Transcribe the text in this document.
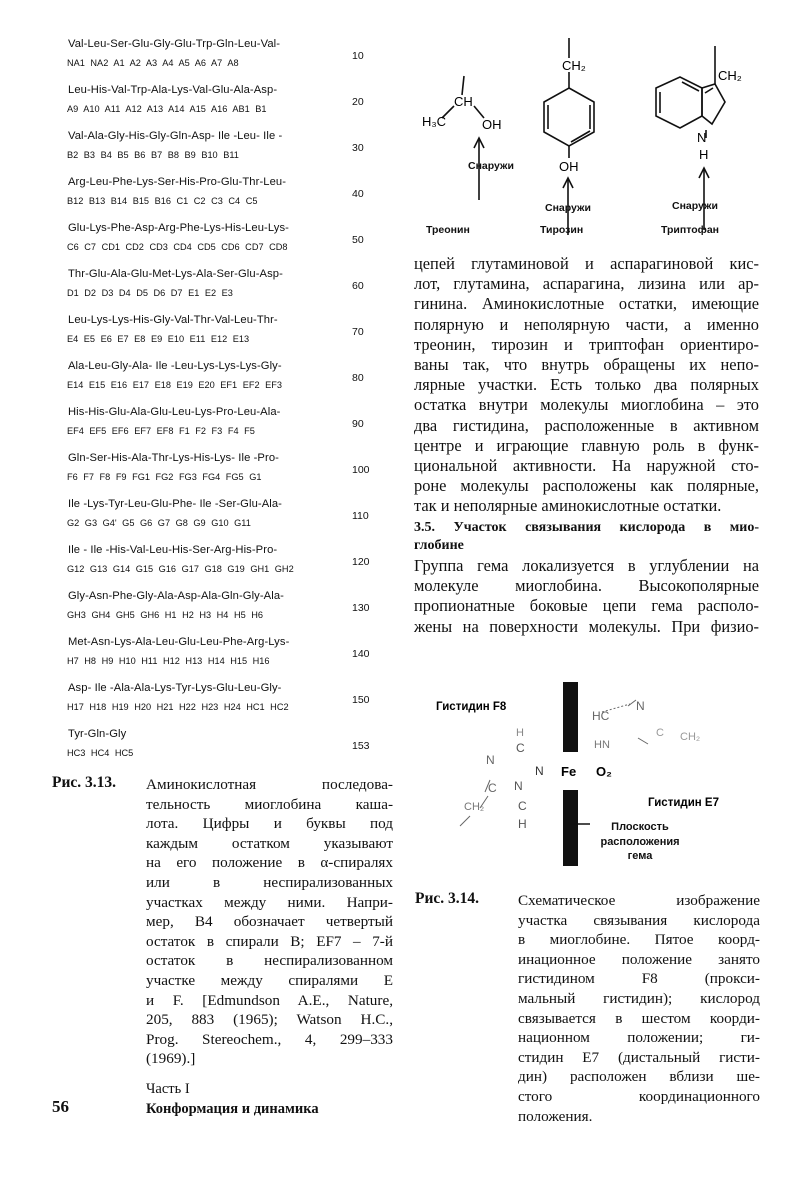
Val-Leu-Ser-Glu-Gly-Glu-Trp-Gln-Leu-Val-
NA1 NA2 A1 A2 A3 A4 A5 A6 A7 A8
10
Leu-His-Val-Trp-Ala-Lys-Val-Glu-Ala-Asp-
A9 A10 A11 A12 A13 A14 A15 A16 AB1 B1
20
Val-Ala-Gly-His-Gly-Gln-Asp- Ile -Leu- Ile -
B2 B3 B4 B5 B6 B7 B8 B9 B10 B11
30
Arg-Leu-Phe-Lys-Ser-His-Pro-Glu-Thr-Leu-
B12 B13 B14 B15 B16 C1 C2 C3 C4 C5
40
Glu-Lys-Phe-Asp-Arg-Phe-Lys-His-Leu-Lys-
C6 C7 CD1 CD2 CD3 CD4 CD5 CD6 CD7 CD8
50
Thr-Glu-Ala-Glu-Met-Lys-Ala-Ser-Glu-Asp-
D1 D2 D3 D4 D5 D6 D7 E1 E2 E3
60
Leu-Lys-Lys-His-Gly-Val-Thr-Val-Leu-Thr-
E4 E5 E6 E7 E8 E9 E10 E11 E12 E13
70
Ala-Leu-Gly-Ala- Ile -Leu-Lys-Lys-Lys-Gly-
E14 E15 E16 E17 E18 E19 E20 EF1 EF2 EF3
80
His-His-Glu-Ala-Glu-Leu-Lys-Pro-Leu-Ala-
EF4 EF5 EF6 EF7 EF8 F1 F2 F3 F4 F5
90
Gln-Ser-His-Ala-Thr-Lys-His-Lys- Ile -Pro-
F6 F7 F8 F9 FG1 FG2 FG3 FG4 FG5 G1
100
Ile -Lys-Tyr-Leu-Glu-Phe- Ile -Ser-Glu-Ala-
G2 G3 G4' G5 G6 G7 G8 G9 G10 G11
110
Ile - Ile -His-Val-Leu-His-Ser-Arg-His-Pro-
G12 G13 G14 G15 G16 G17 G18 G19 GH1 GH2
120
Gly-Asn-Phe-Gly-Ala-Asp-Ala-Gln-Gly-Ala-
GH3 GH4 GH5 GH6 H1 H2 H3 H4 H5 H6
130
Met-Asn-Lys-Ala-Leu-Glu-Leu-Phe-Arg-Lys-
H7 H8 H9 H10 H11 H12 H13 H14 H15 H16
140
Asp- Ile -Ala-Ala-Lys-Tyr-Lys-Glu-Leu-Gly-
H17 H18 H19 H20 H21 H22 H23 H24 HC1 HC2
150
Tyr-Gln-Gly
HC3 HC4 HC5
153
CH
H₃C	OH
CH₂
OH
CH₂
N
H
Снаружи
Снаружи	Снаружи
Треонин	Тирозин	Триптофан
цепей глутаминовой и аспарагиновой кис-
лот, глутамина, аспарагина, лизина или ар-
гинина. Аминокислотные остатки, имеющие
полярную и неполярную части, а именно
треонин, тирозин и триптофан ориентиро-
ваны так, что внутрь обращены их непо-
лярные участки. Есть только два полярных
остатка внутри молекулы миоглобина – это
два гистидина, расположенные в активном
центре и играющие главную роль в функ-
циональной активности. На наружной сто-
роне молекулы расположены как полярные,
так и неполярные аминокислотные остатки.
3.5. Участок связывания кислорода в мио-
глобине
Группа гема локализуется в углублении на
молекуле миоглобина. Высокополярные
пропионатные боковые цепи гема располо-
жены на поверхности молекулы. При физио-
Гистидин F8
Гистидин E7
Fe O₂
N
HC
N
HN
C CH₂
H
C
N
C N
C
H
CH₂
Плоскость
расположения
гема
Рис. 3.13. Аминокислотная последова-
тельность миоглобина кашa-
лота. Цифры и буквы под
каждым остатком указывают
на его положение в α-спиралях
или в неспирализованных
участках между ними. Напри-
мер, B4 обозначает четвертый
остаток в спирали B; EF7 – 7-й
остаток в неспирализованном
участке между спиралями E
и F. [Edmundson A.E., Nature,
205, 883 (1965); Watson H.C.,
Prog. Stereochem., 4, 299–333
(1969).]
Рис. 3.14.	Схематическое изображение
участка связывания кислорода
в миоглобине. Пятое коорд-
инационное положение занято
гистидином F8 (прокси-
мальный гистидин); кислород
связывается в шестом коорди-
национном положении; ги-
стидин E7 (дистальный гисти-
дин) расположен вблизи ше-
стого координационного
положения.
56
Часть I
Конформация и динамика
